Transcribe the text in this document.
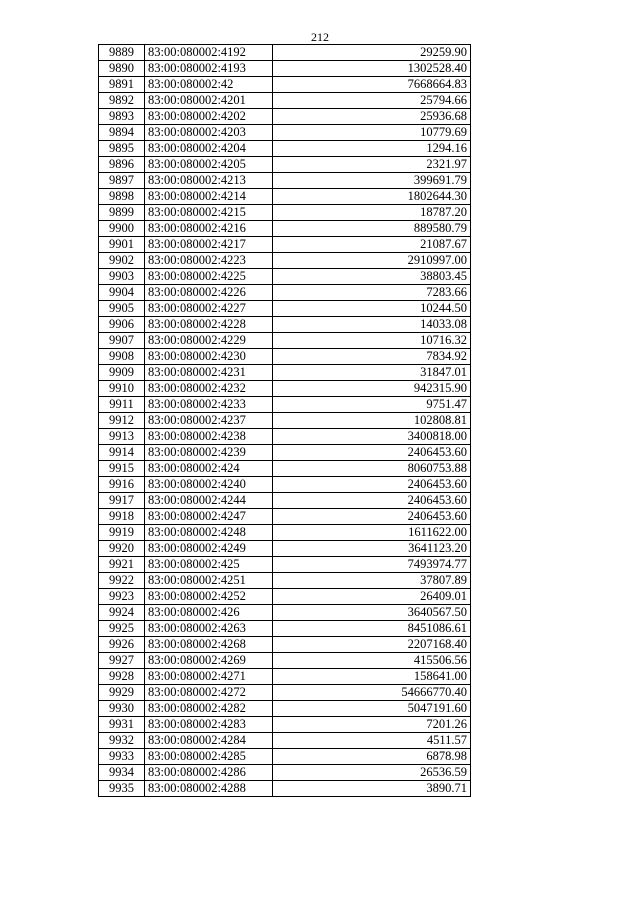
212
9889	83:00:080002:4192	29259.90
9890	83:00:080002:4193	1302528.40
9891	83:00:080002:42	7668664.83
9892	83:00:080002:4201	25794.66
9893	83:00:080002:4202	25936.68
9894	83:00:080002:4203	10779.69
9895	83:00:080002:4204	1294.16
9896	83:00:080002:4205	2321.97
9897	83:00:080002:4213	399691.79
9898	83:00:080002:4214	1802644.30
9899	83:00:080002:4215	18787.20
9900	83:00:080002:4216	889580.79
9901	83:00:080002:4217	21087.67
9902	83:00:080002:4223	2910997.00
9903	83:00:080002:4225	38803.45
9904	83:00:080002:4226	7283.66
9905	83:00:080002:4227	10244.50
9906	83:00:080002:4228	14033.08
9907	83:00:080002:4229	10716.32
9908	83:00:080002:4230	7834.92
9909	83:00:080002:4231	31847.01
9910	83:00:080002:4232	942315.90
9911	83:00:080002:4233	9751.47
9912	83:00:080002:4237	102808.81
9913	83:00:080002:4238	3400818.00
9914	83:00:080002:4239	2406453.60
9915	83:00:080002:424	8060753.88
9916	83:00:080002:4240	2406453.60
9917	83:00:080002:4244	2406453.60
9918	83:00:080002:4247	2406453.60
9919	83:00:080002:4248	1611622.00
9920	83:00:080002:4249	3641123.20
9921	83:00:080002:425	7493974.77
9922	83:00:080002:4251	37807.89
9923	83:00:080002:4252	26409.01
9924	83:00:080002:426	3640567.50
9925	83:00:080002:4263	8451086.61
9926	83:00:080002:4268	2207168.40
9927	83:00:080002:4269	415506.56
9928	83:00:080002:4271	158641.00
9929	83:00:080002:4272	54666770.40
9930	83:00:080002:4282	5047191.60
9931	83:00:080002:4283	7201.26
9932	83:00:080002:4284	4511.57
9933	83:00:080002:4285	6878.98
9934	83:00:080002:4286	26536.59
9935	83:00:080002:4288	3890.71
